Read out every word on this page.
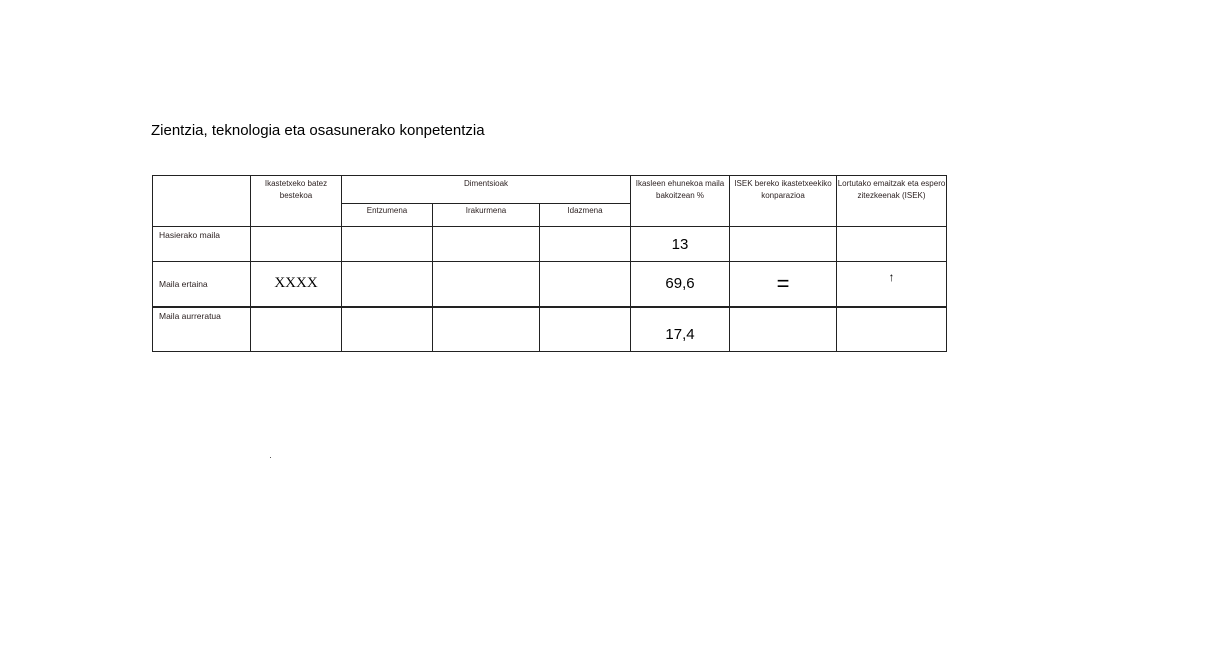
Zientzia, teknologia eta osasunerako konpetentzia
	Ikastetxeko batez bestekoa	Dimentsioak			Ikasleen ehunekoa maila bakoitzean %	ISEK bereko ikastetxeekiko konparazioa	Lortutako emaitzak eta espero zitezkeenak (ISEK)
		Entzumena	Irakurmena	Idazmena			
Hasierako maila					13		
Maila ertaina	XXXX				69,6	=	↑
Maila aurreratua					17,4		
